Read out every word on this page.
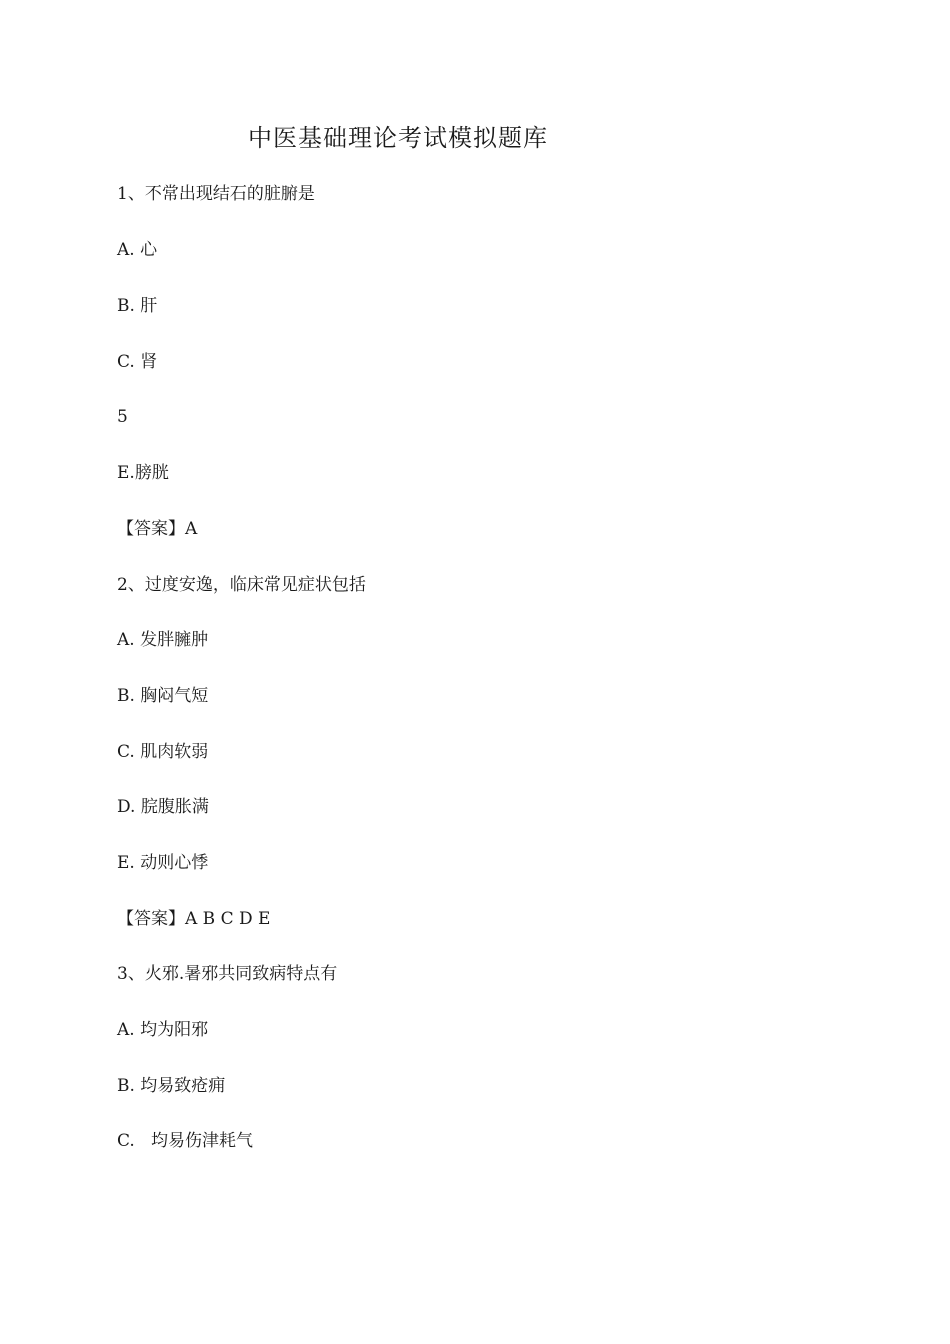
中医基础理论考试模拟题库
1、不常出现结石的脏腑是
A. 心
B. 肝
C. 肾
5
E.膀胱
【答案】A
2、过度安逸，临床常见症状包括
A. 发胖臃肿
B. 胸闷气短
C. 肌肉软弱
D. 脘腹胀满
E. 动则心悸
【答案】A B C D E
3、火邪.暑邪共同致病特点有
A. 均为阳邪
B. 均易致疮痈
C.   均易伤津耗气
